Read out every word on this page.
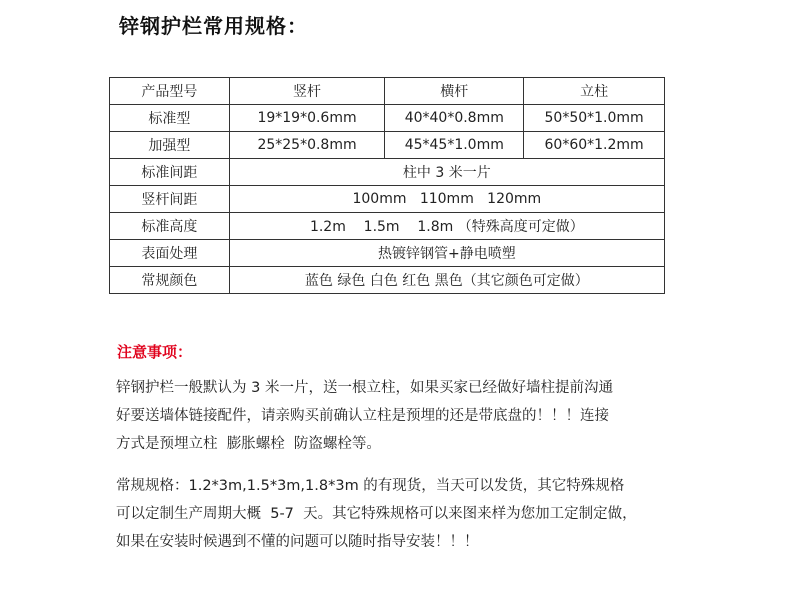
锌钢护栏常用规格：
产品型号	竖杆	横杆	立柱
标准型	19*19*0.6mm	40*40*0.8mm	50*50*1.0mm
加强型	25*25*0.8mm	45*45*1.0mm	60*60*1.2mm
标准间距	柱中 3 米一片		
竖杆间距	100mm   110mm   120mm		
标准高度	1.2m    1.5m    1.8m （特殊高度可定做）		
表面处理	热镀锌钢管+静电喷塑		
常规颜色	蓝色 绿色 白色 红色 黑色（其它颜色可定做）		
注意事项：
锌钢护栏一般默认为 3 米一片，送一根立柱，如果买家已经做好墙柱提前沟通
好要送墙体链接配件，请亲购买前确认立柱是预埋的还是带底盘的！！！连接
方式是预埋立柱  膨胀螺栓  防盗螺栓等。
常规规格：1.2*3m,1.5*3m,1.8*3m 的有现货，当天可以发货，其它特殊规格
可以定制生产周期大概  5-7  天。其它特殊规格可以来图来样为您加工定制定做，
如果在安装时候遇到不懂的问题可以随时指导安装！！！
